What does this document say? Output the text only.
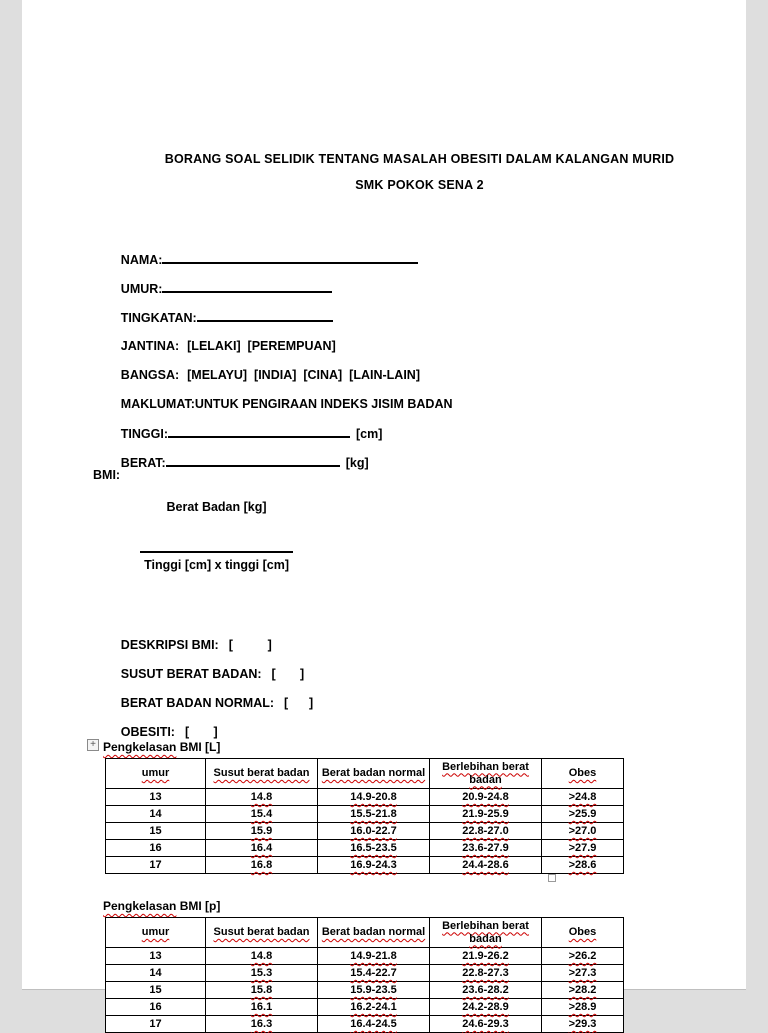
BORANG SOAL SELIDIK TENTANG MASALAH OBESITI DALAM KALANGAN MURID
SMK POKOK SENA 2

NAMA:

UMUR:

TINGKATAN:

JANTINA: [LELAKI]  [PEREMPUAN]

BANGSA: [MELAYU]  [INDIA]  [CINA]  [LAIN-LAIN]

MAKLUMAT:UNTUK PENGIRAAN INDEKS JISIM BADAN

TINGGI:	[cm]

BERAT:	[kg]

BMI:

$\frac{\text{Berat Badan [kg]}}{\text{Tinggi [cm] x tinggi [cm]}}$

DESKRIPSI BMI: [          ]

SUSUT BERAT BADAN: [       ]

BERAT BADAN NORMAL: [      ]

OBESITI: [       ]

+ Pengkelasan BMI [L]
umur	Susut berat badan	Berat badan normal	Berlebihan berat badan	Obes
13	14.8	14.9-20.8	20.9-24.8	>24.8
14	15.4	15.5-21.8	21.9-25.9	>25.9
15	15.9	16.0-22.7	22.8-27.0	>27.0
16	16.4	16.5-23.5	23.6-27.9	>27.9
17	16.8	16.9-24.3	24.4-28.6	>28.6
Pengkelasan BMI [p]
umur	Susut berat badan	Berat badan normal	Berlebihan berat badan	Obes
13	14.8	14.9-21.8	21.9-26.2	>26.2
14	15.3	15.4-22.7	22.8-27.3	>27.3
15	15.8	15.9-23.5	23.6-28.2	>28.2
16	16.1	16.2-24.1	24.2-28.9	>28.9
17	16.3	16.4-24.5	24.6-29.3	>29.3
